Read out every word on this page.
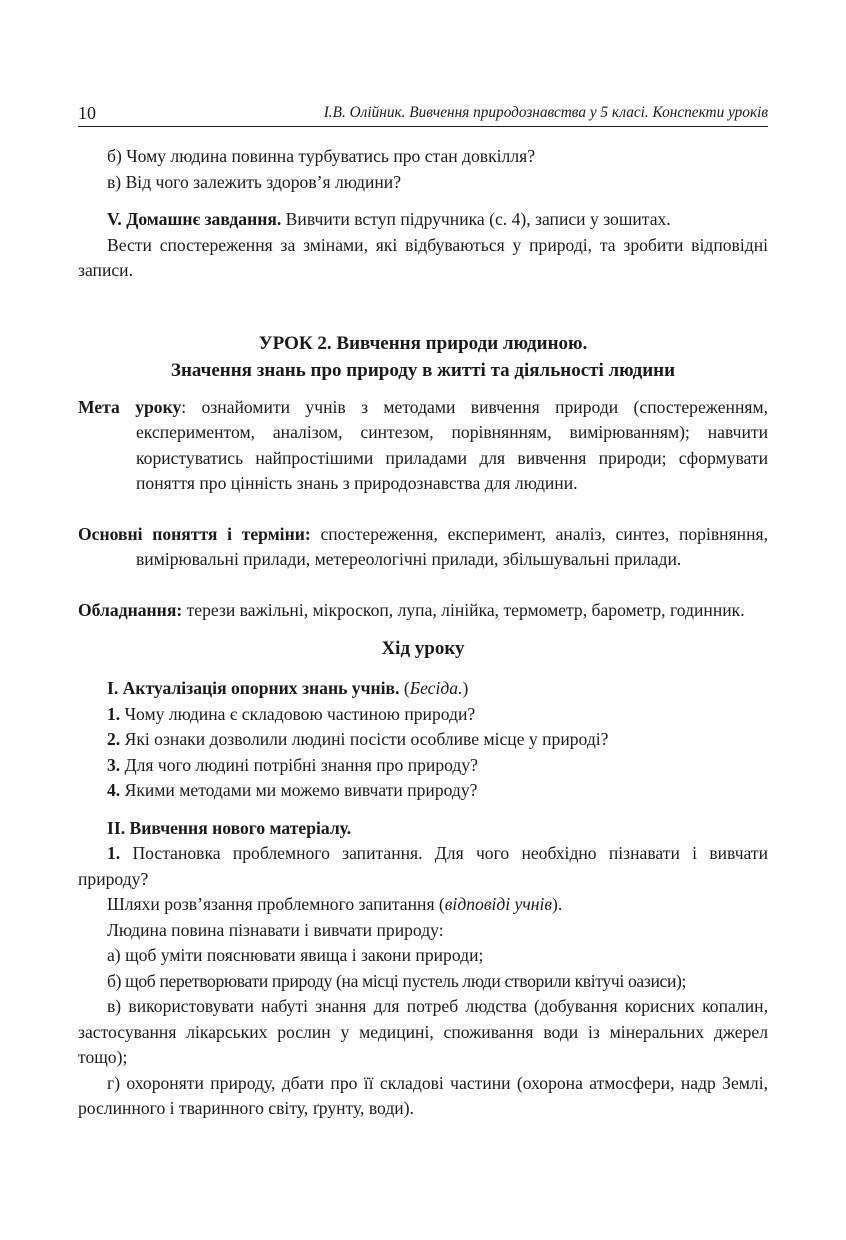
10	І.В. Олійник. Вивчення природознавства у 5 класі. Конспекти уроків

б) Чому людина повинна турбуватись про стан довкілля?

в) Від чого залежить здоров’я людини?

V. Домашнє завдання. Вивчити вступ підручника (с. 4), записи у зошитах.

Вести спостереження за змінами, які відбуваються у природі, та зробити відповідні записи.

УРОК 2. Вивчення природи людиною.

Значення знань про природу в житті та діяльності людини

Мета уроку: ознайомити учнів з методами вивчення природи (спостереженням, експериментом, аналізом, синтезом, порівнянням, вимірюванням); навчити користуватись найпростішими приладами для вивчення природи; сформувати поняття про цінність знань з природознавства для людини.

Основні поняття і терміни: спостереження, експеримент, аналіз, синтез, порівняння, вимірювальні прилади, метереологічні прилади, збільшувальні прилади.

Обладнання: терези важільні, мікроскоп, лупа, лінійка, термометр, барометр, годинник.

Хід уроку

І. Актуалізація опорних знань учнів. (Бесіда.)

1. Чому людина є складовою частиною природи?

2. Які ознаки дозволили людині посісти особливе місце у природі?

3. Для чого людині потрібні знання про природу?

4. Якими методами ми можемо вивчати природу?

ІІ. Вивчення нового матеріалу.

1. Постановка проблемного запитання. Для чого необхідно пізнавати і вивчати природу?

Шляхи розв’язання проблемного запитання (відповіді учнів).

Людина повина пізнавати і вивчати природу:

а) щоб уміти пояснювати явища і закони природи;

б) щоб перетворювати природу (на місці пустель люди створили квітучі оазиси);

в) використовувати набуті знання для потреб людства (добування корисних копалин, застосування лікарських рослин у медицині, споживання води із мінеральних джерел тощо);

г) охороняти природу, дбати про її складові частини (охорона атмосфери, надр Землі, рослинного і тваринного світу, ґрунту, води).
